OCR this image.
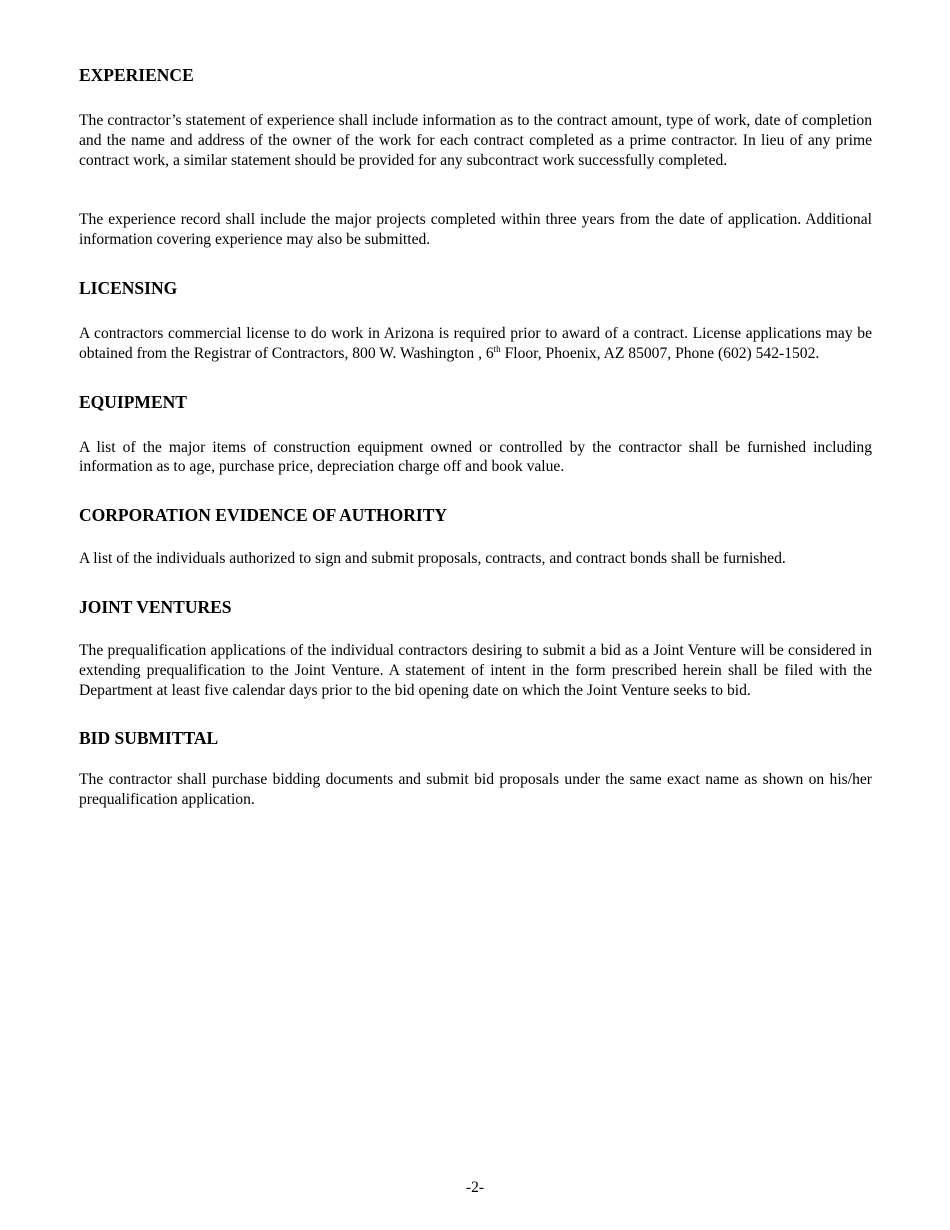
EXPERIENCE

The contractor’s statement of experience shall include information as to the contract amount, type of work, date of completion and the name and address of the owner of the work for each contract completed as a prime contractor. In lieu of any prime contract work, a similar statement should be provided for any subcontract work successfully completed.

The experience record shall include the major projects completed within three years from the date of application. Additional information covering experience may also be submitted.

LICENSING

A contractors commercial license to do work in Arizona is required prior to award of a contract. License applications may be obtained from the Registrar of Contractors, 800 W. Washington , 6th Floor, Phoenix, AZ 85007, Phone (602) 542-1502.

EQUIPMENT

A list of the major items of construction equipment owned or controlled by the contractor shall be furnished including information as to age, purchase price, depreciation charge off and book value.

CORPORATION EVIDENCE OF AUTHORITY

A list of the individuals authorized to sign and submit proposals, contracts, and contract bonds shall be furnished.

JOINT VENTURES

The prequalification applications of the individual contractors desiring to submit a bid as a Joint Venture will be considered in extending prequalification to the Joint Venture. A statement of intent in the form prescribed herein shall be filed with the Department at least five calendar days prior to the bid opening date on which the Joint Venture seeks to bid.

BID SUBMITTAL

The contractor shall purchase bidding documents and submit bid proposals under the same exact name as shown on his/her prequalification application.

-2-
